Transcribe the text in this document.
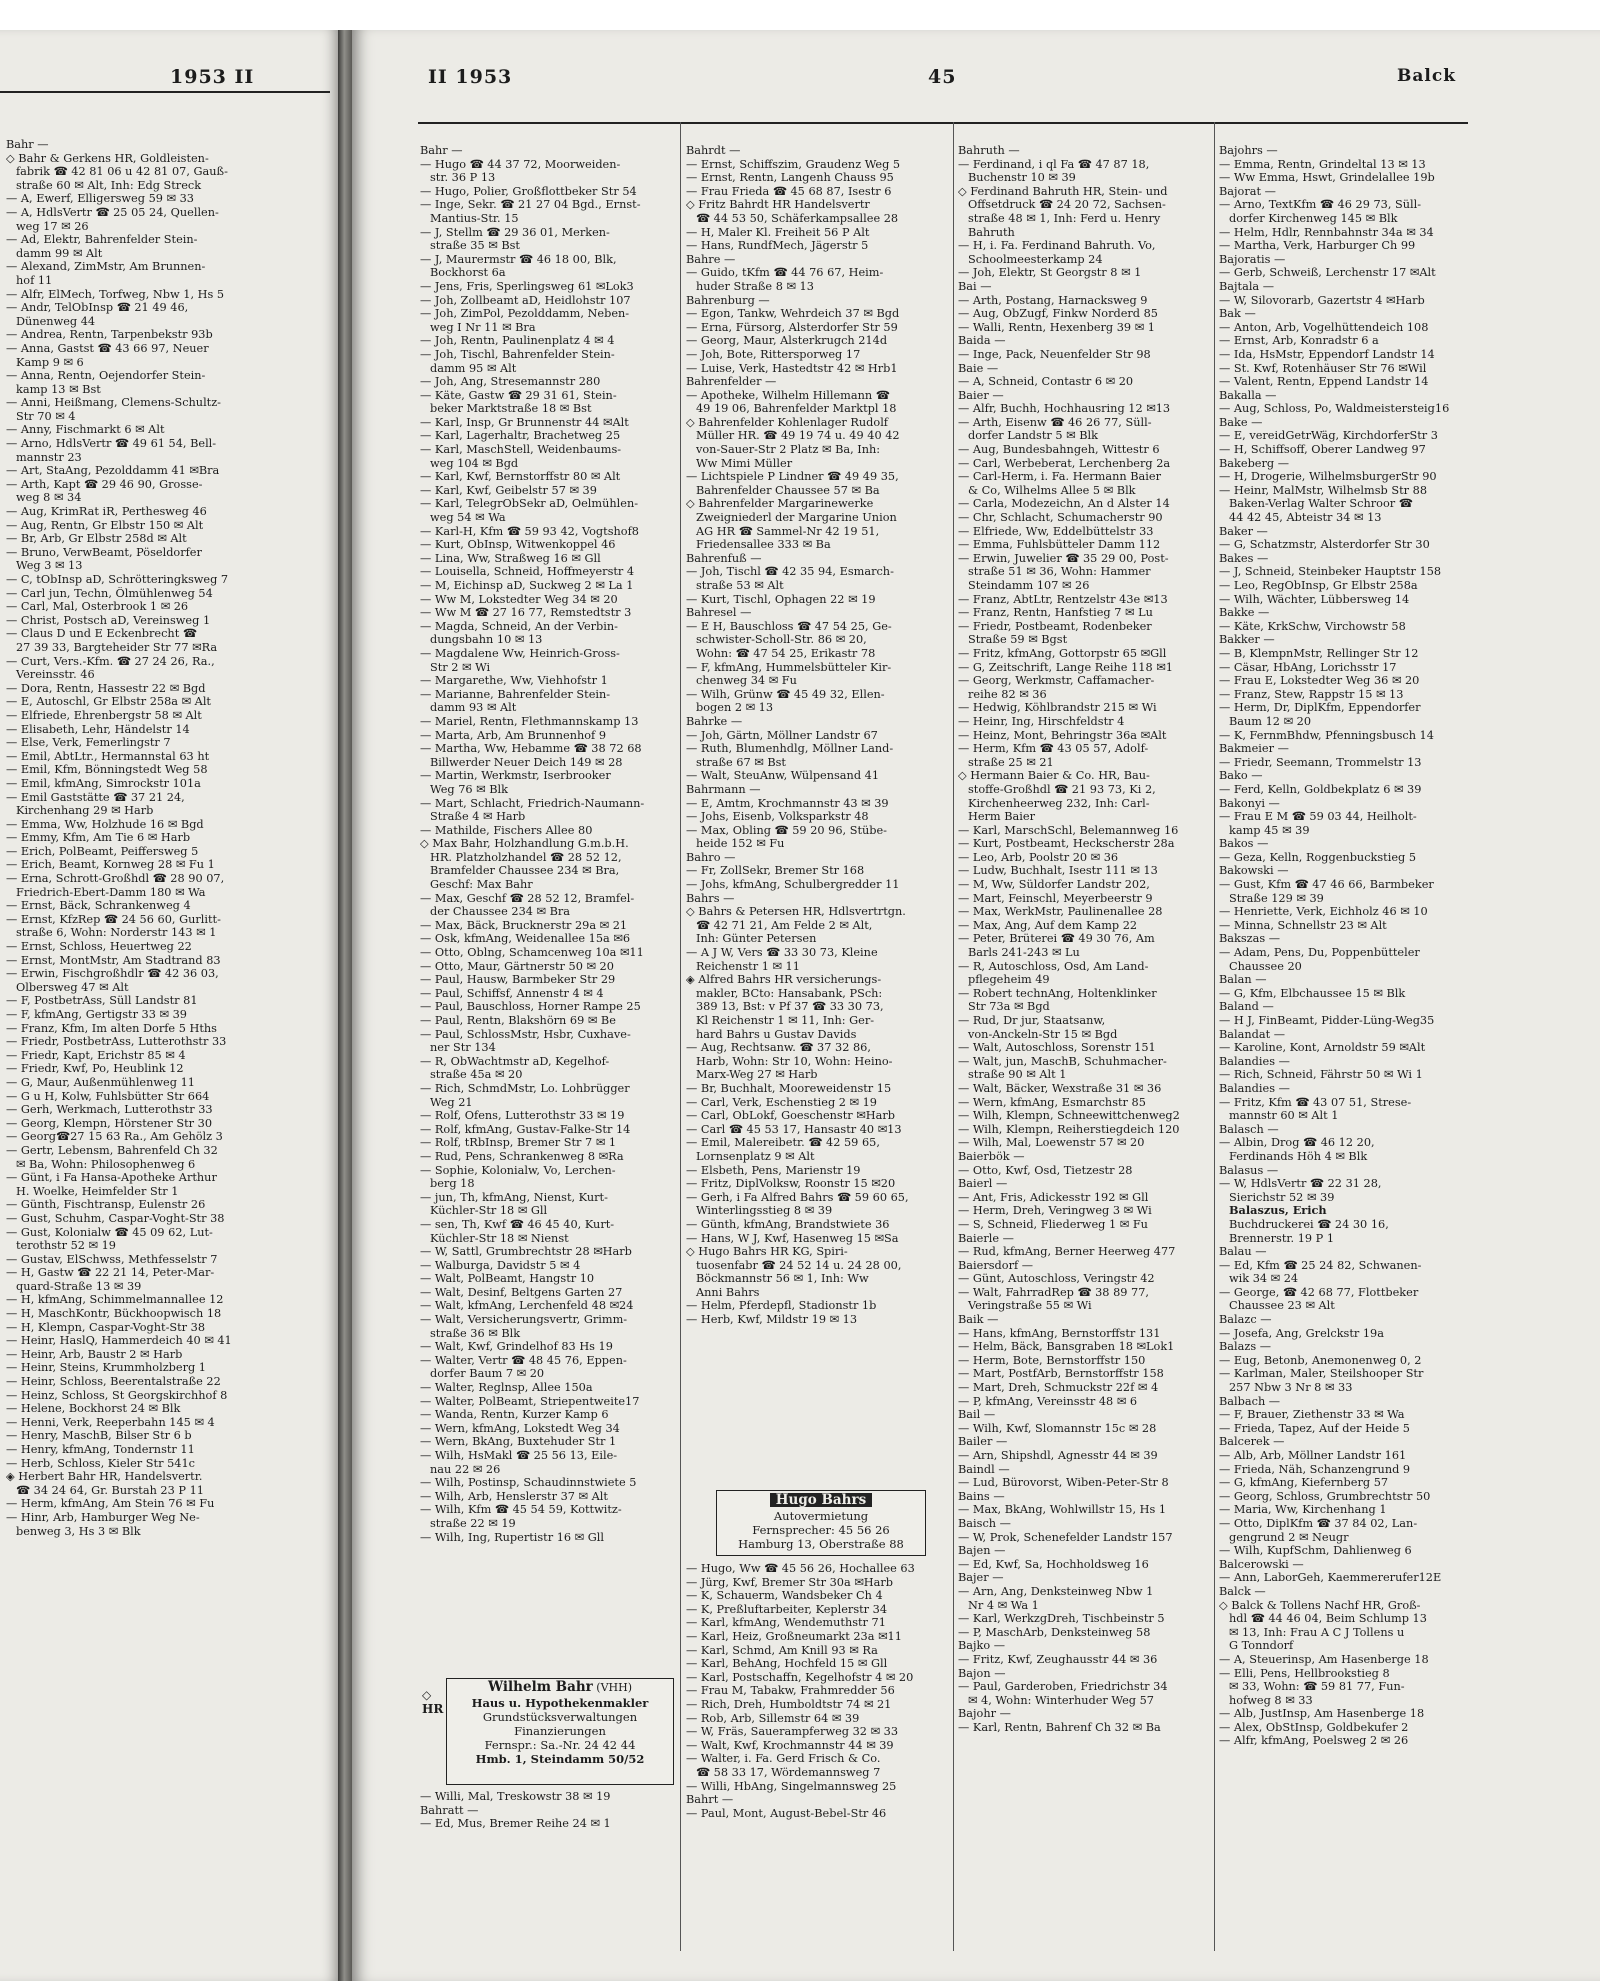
1953 II	II 1953	45	Balck
Bahr —
◇ Bahr & Gerkens HR, Goldleisten-
fabrik ☎ 42 81 06 u 42 81 07, Gauß-
straße 60 ✉ Alt, Inh: Edg Streck
— A, Ewerf, Elligersweg 59 ✉ 33
— A, HdlsVertr ☎ 25 05 24, Quellen-
weg 17 ✉ 26
— Ad, Elektr, Bahrenfelder Stein-
damm 99 ✉ Alt
— Alexand, ZimMstr, Am Brunnen-
hof 11
— Alfr, ElMech, Torfweg, Nbw 1, Hs 5
— Andr, TelObInsp ☎ 21 49 46,
Dünenweg 44
— Andrea, Rentn, Tarpenbekstr 93b
— Anna, Gastst ☎ 43 66 97, Neuer
Kamp 9 ✉ 6
— Anna, Rentn, Oejendorfer Stein-
kamp 13 ✉ Bst
— Anni, Heißmang, Clemens-Schultz-
Str 70 ✉ 4
— Anny, Fischmarkt 6 ✉ Alt
— Arno, HdlsVertr ☎ 49 61 54, Bell-
mannstr 23
— Art, StaAng, Pezolddamm 41 ✉Bra
— Arth, Kapt ☎ 29 46 90, Grosse-
weg 8 ✉ 34
— Aug, KrimRat iR, Perthesweg 46
— Aug, Rentn, Gr Elbstr 150 ✉ Alt
— Br, Arb, Gr Elbstr 258d ✉ Alt
— Bruno, VerwBeamt, Pöseldorfer
Weg 3 ✉ 13
— C, tObInsp aD, Schrötteringksweg 7
— Carl jun, Techn, Ölmühlenweg 54
— Carl, Mal, Osterbrook 1 ✉ 26
— Christ, Postsch aD, Vereinsweg 1
— Claus D und E Eckenbrecht ☎
27 39 33, Bargteheider Str 77 ✉Ra
— Curt, Vers.-Kfm. ☎ 27 24 26, Ra.,
Vereinsstr. 46
— Dora, Rentn, Hassestr 22 ✉ Bgd
— E, Autoschl, Gr Elbstr 258a ✉ Alt
— Elfriede, Ehrenbergstr 58 ✉ Alt
— Elisabeth, Lehr, Händelstr 14
— Else, Verk, Femerlingstr 7
— Emil, AbtLtr., Hermannstal 63 ht
— Emil, Kfm, Bönningstedt Weg 58
— Emil, kfmAng, Simrockstr 101a
— Emil Gaststätte ☎ 37 21 24,
Kirchenhang 29 ✉ Harb
— Emma, Ww, Holzhude 16 ✉ Bgd
— Emmy, Kfm, Am Tie 6 ✉ Harb
— Erich, PolBeamt, Peiffersweg 5
— Erich, Beamt, Kornweg 28 ✉ Fu 1
— Erna, Schrott-Großhdl ☎ 28 90 07,
Friedrich-Ebert-Damm 180 ✉ Wa
— Ernst, Bäck, Schrankenweg 4
— Ernst, KfzRep ☎ 24 56 60, Gurlitt-
straße 6, Wohn: Norderstr 143 ✉ 1
— Ernst, Schloss, Heuertweg 22
— Ernst, MontMstr, Am Stadtrand 83
— Erwin, Fischgroßhdlr ☎ 42 36 03,
Olbersweg 47 ✉ Alt
— F, PostbetrAss, Süll Landstr 81
— F, kfmAng, Gertigstr 33 ✉ 39
— Franz, Kfm, Im alten Dorfe 5 Hths
— Friedr, PostbetrAss, Lutterothstr 33
— Friedr, Kapt, Erichstr 85 ✉ 4
— Friedr, Kwf, Po, Heublink 12
— G, Maur, Außenmühlenweg 11
— G u H, Kolw, Fuhlsbütter Str 664
— Gerh, Werkmach, Lutterothstr 33
— Georg, Klempn, Hörstener Str 30
— Georg☎27 15 63 Ra., Am Gehölz 3
— Gertr, Lebensm, Bahrenfeld Ch 32
✉ Ba, Wohn: Philosophenweg 6
— Günt, i Fa Hansa-Apotheke Arthur
H. Woelke, Heimfelder Str 1
— Günth, Fischtransp, Eulenstr 26
— Gust, Schuhm, Caspar-Voght-Str 38
— Gust, Kolonialw ☎ 45 09 62, Lut-
terothstr 52 ✉ 19
— Gustav, ElSchwss, Methfesselstr 7
— H, Gastw ☎ 22 21 14, Peter-Mar-
quard-Straße 13 ✉ 39
— H, kfmAng, Schimmelmannallee 12
— H, MaschKontr, Bückhoopwisch 18
— H, Klempn, Caspar-Voght-Str 38
— Heinr, HaslQ, Hammerdeich 40 ✉ 41
— Heinr, Arb, Baustr 2 ✉ Harb
— Heinr, Steins, Krummholzberg 1
— Heinr, Schloss, Beerentalstraße 22
— Heinz, Schloss, St Georgskirchhof 8
— Helene, Bockhorst 24 ✉ Blk
— Henni, Verk, Reeperbahn 145 ✉ 4
— Henry, MaschB, Bilser Str 6 b
— Henry, kfmAng, Tondernstr 11
— Herb, Schloss, Kieler Str 541c
◈ Herbert Bahr HR, Handelsvertr.
☎ 34 24 64, Gr. Burstah 23 P 11
— Herm, kfmAng, Am Stein 76 ✉ Fu
— Hinr, Arb, Hamburger Weg Ne-
benweg 3, Hs 3 ✉ Blk
Bahr —
— Hugo ☎ 44 37 72, Moorweiden-
str. 36 P 13
— Hugo, Polier, Großflottbeker Str 54
— Inge, Sekr. ☎ 21 27 04 Bgd., Ernst-
Mantius-Str. 15
— J, Stellm ☎ 29 36 01, Merken-
straße 35 ✉ Bst
— J, Maurermstr ☎ 46 18 00, Blk,
Bockhorst 6a
— Jens, Fris, Sperlingsweg 61 ✉Lok3
— Joh, Zollbeamt aD, Heidlohstr 107
— Joh, ZimPol, Pezolddamm, Neben-
weg I Nr 11 ✉ Bra
— Joh, Rentn, Paulinenplatz 4 ✉ 4
— Joh, Tischl, Bahrenfelder Stein-
damm 95 ✉ Alt
— Joh, Ang, Stresemannstr 280
— Käte, Gastw ☎ 29 31 61, Stein-
beker Marktstraße 18 ✉ Bst
— Karl, Insp, Gr Brunnenstr 44 ✉Alt
— Karl, Lagerhaltr, Brachetweg 25
— Karl, MaschStell, Weidenbaums-
weg 104 ✉ Bgd
— Karl, Kwf, Bernstorffstr 80 ✉ Alt
— Karl, Kwf, Geibelstr 57 ✉ 39
— Karl, TelegrObSekr aD, Oelmühlen-
weg 54 ✉ Wa
— Karl-H, Kfm ☎ 59 93 42, Vogtshof8
— Kurt, ObInsp, Witwenkoppel 46
— Lina, Ww, Straßweg 16 ✉ Gll
— Louisella, Schneid, Hoffmeyerstr 4
— M, Eichinsp aD, Suckweg 2 ✉ La 1
— Ww M, Lokstedter Weg 34 ✉ 20
— Ww M ☎ 27 16 77, Remstedtstr 3
— Magda, Schneid, An der Verbin-
dungsbahn 10 ✉ 13
— Magdalene Ww, Heinrich-Gross-
Str 2 ✉ Wi
— Margarethe, Ww, Viehhofstr 1
— Marianne, Bahrenfelder Stein-
damm 93 ✉ Alt
— Mariel, Rentn, Flethmannskamp 13
— Marta, Arb, Am Brunnenhof 9
— Martha, Ww, Hebamme ☎ 38 72 68
Billwerder Neuer Deich 149 ✉ 28
— Martin, Werkmstr, Iserbrooker
Weg 76 ✉ Blk
— Mart, Schlacht, Friedrich-Naumann-
Straße 4 ✉ Harb
— Mathilde, Fischers Allee 80
◇ Max Bahr, Holzhandlung G.m.b.H.
HR. Platzholzhandel ☎ 28 52 12,
Bramfelder Chaussee 234 ✉ Bra,
Geschf: Max Bahr
— Max, Geschf ☎ 28 52 12, Bramfel-
der Chaussee 234 ✉ Bra
— Max, Bäck, Brucknerstr 29a ✉ 21
— Osk, kfmAng, Weidenallee 15a ✉6
— Otto, Oblng, Schamcenweg 10a ✉11
— Otto, Maur, Gärtnerstr 50 ✉ 20
— Paul, Hausw, Barmbeker Str 29
— Paul, Schiffsf, Annenstr 4 ✉ 4
— Paul, Bauschloss, Horner Rampe 25
— Paul, Rentn, Blakshörn 69 ✉ Be
— Paul, SchlossMstr, Hsbr, Cuxhave-
ner Str 134
— R, ObWachtmstr aD, Kegelhof-
straße 45a ✉ 20
— Rich, SchmdMstr, Lo. Lohbrügger
Weg 21
— Rolf, Ofens, Lutterothstr 33 ✉ 19
— Rolf, kfmAng, Gustav-Falke-Str 14
— Rolf, tRbInsp, Bremer Str 7 ✉ 1
— Rud, Pens, Schrankenweg 8 ✉Ra
— Sophie, Kolonialw, Vo, Lerchen-
berg 18
— jun, Th, kfmAng, Nienst, Kurt-
Küchler-Str 18 ✉ Gll
— sen, Th, Kwf ☎ 46 45 40, Kurt-
Küchler-Str 18 ✉ Nienst
— W, Sattl, Grumbrechtstr 28 ✉Harb
— Walburga, Davidstr 5 ✉ 4
— Walt, PolBeamt, Hangstr 10
— Walt, Desinf, Beltgens Garten 27
— Walt, kfmAng, Lerchenfeld 48 ✉24
— Walt, Versicherungsvertr, Grimm-
straße 36 ✉ Blk
— Walt, Kwf, Grindelhof 83 Hs 19
— Walter, Vertr ☎ 48 45 76, Eppen-
dorfer Baum 7 ✉ 20
— Walter, Reglnsp, Allee 150a
— Walter, PolBeamt, Striepentweite17
— Wanda, Rentn, Kurzer Kamp 6
— Wern, kfmAng, Lokstedt Weg 34
— Wern, BkAng, Buxtehuder Str 1
— Wilh, HsMakl ☎ 25 56 13, Eile-
nau 22 ✉ 26
— Wilh, Postinsp, Schaudinnstwiete 5
— Wilh, Arb, Henslerstr 37 ✉ Alt
— Wilh, Kfm ☎ 45 54 59, Kottwitz-
straße 22 ✉ 19
— Wilh, Ing, Rupertistr 16 ✉ Gll
Bahrdt —
— Ernst, Schiffszim, Graudenz Weg 5
— Ernst, Rentn, Langenh Chauss 95
— Frau Frieda ☎ 45 68 87, Isestr 6
◇ Fritz Bahrdt HR Handelsvertr
☎ 44 53 50, Schäferkampsallee 28
— H, Maler Kl. Freiheit 56 P Alt
— Hans, RundfMech, Jägerstr 5
Bahre —
— Guido, tKfm ☎ 44 76 67, Heim-
huder Straße 8 ✉ 13
Bahrenburg —
— Egon, Tankw, Wehrdeich 37 ✉ Bgd
— Erna, Fürsorg, Alsterdorfer Str 59
— Georg, Maur, Alsterkrugch 214d
— Joh, Bote, Rittersporweg 17
— Luise, Verk, Hastedtstr 42 ✉ Hrb1
Bahrenfelder —
— Apotheke, Wilhelm Hillemann ☎
49 19 06, Bahrenfelder Marktpl 18
◇ Bahrenfelder Kohlenlager Rudolf
Müller HR. ☎ 49 19 74 u. 49 40 42
von-Sauer-Str 2 Platz ✉ Ba, Inh:
Ww Mimi Müller
— Lichtspiele P Lindner ☎ 49 49 35,
Bahrenfelder Chaussee 57 ✉ Ba
◇ Bahrenfelder Margarinewerke
Zweigniederl der Margarine Union
AG HR ☎ Sammel-Nr 42 19 51,
Friedensallee 333 ✉ Ba
Bahrenfuß —
— Joh, Tischl ☎ 42 35 94, Esmarch-
straße 53 ✉ Alt
— Kurt, Tischl, Ophagen 22 ✉ 19
Bahresel —
— E H, Bauschloss ☎ 47 54 25, Ge-
schwister-Scholl-Str. 86 ✉ 20,
Wohn: ☎ 47 54 25, Erikastr 78
— F, kfmAng, Hummelsbütteler Kir-
chenweg 34 ✉ Fu
— Wilh, Grünw ☎ 45 49 32, Ellen-
bogen 2 ✉ 13
Bahrke —
— Joh, Gärtn, Möllner Landstr 67
— Ruth, Blumenhdlg, Möllner Land-
straße 67 ✉ Bst
— Walt, SteuAnw, Wülpensand 41
Bahrmann —
— E, Amtm, Krochmannstr 43 ✉ 39
— Johs, Eisenb, Volksparkstr 48
— Max, Obling ☎ 59 20 96, Stübe-
heide 152 ✉ Fu
Bahro —
— Fr, ZollSekr, Bremer Str 168
— Johs, kfmAng, Schulbergredder 11
Bahrs —
◇ Bahrs & Petersen HR, Hdlsvertrtgn.
☎ 42 71 21, Am Felde 2 ✉ Alt,
Inh: Günter Petersen
— A J W, Vers ☎ 33 30 73, Kleine
Reichenstr 1 ✉ 11
◈ Alfred Bahrs HR versicherungs-
makler, BCto: Hansabank, PSch:
389 13, Bst: v Pf 37 ☎ 33 30 73,
Kl Reichenstr 1 ✉ 11, Inh: Ger-
hard Bahrs u Gustav Davids
— Aug, Rechtsanw. ☎ 37 32 86,
Harb, Wohn: Str 10, Wohn: Heino-
Marx-Weg 27 ✉ Harb
— Br, Buchhalt, Mooreweidenstr 15
— Carl, Verk, Eschenstieg 2 ✉ 19
— Carl, ObLokf, Goeschenstr ✉Harb
— Carl ☎ 45 53 17, Hansastr 40 ✉13
— Emil, Malereibetr. ☎ 42 59 65,
Lornsenplatz 9 ✉ Alt
— Elsbeth, Pens, Marienstr 19
— Fritz, DiplVolksw, Roonstr 15 ✉20
— Gerh, i Fa Alfred Bahrs ☎ 59 60 65,
Winterlingsstieg 8 ✉ 39
— Günth, kfmAng, Brandstwiete 36
— Hans, W J, Kwf, Hasenweg 15 ✉Sa
◇ Hugo Bahrs HR KG, Spiri-
tuosenfabr ☎ 24 52 14 u. 24 28 00,
Böckmannstr 56 ✉ 1, Inh: Ww
Anni Bahrs
— Helm, Pferdepfl, Stadionstr 1b
— Herb, Kwf, Mildstr 19 ✉ 13
Bahruth —
— Ferdinand, i ql Fa ☎ 47 87 18,
Buchenstr 10 ✉ 39
◇ Ferdinand Bahruth HR, Stein- und
Offsetdruck ☎ 24 20 72, Sachsen-
straße 48 ✉ 1, Inh: Ferd u. Henry
Bahruth
— H, i. Fa. Ferdinand Bahruth. Vo,
Schoolmeesterkamp 24
— Joh, Elektr, St Georgstr 8 ✉ 1
Bai —
— Arth, Postang, Harnacksweg 9
— Aug, ObZugf, Finkw Norderd 85
— Walli, Rentn, Hexenberg 39 ✉ 1
Baida —
— Inge, Pack, Neuenfelder Str 98
Baie —
— A, Schneid, Contastr 6 ✉ 20
Baier —
— Alfr, Buchh, Hochhausring 12 ✉13
— Arth, Eisenw ☎ 46 26 77, Süll-
dorfer Landstr 5 ✉ Blk
— Aug, Bundesbahngeh, Wittestr 6
— Carl, Werbeberat, Lerchenberg 2a
— Carl-Herm, i. Fa. Hermann Baier
& Co, Wilhelms Allee 5 ✉ Blk
— Carla, Modezeichn, An d Alster 14
— Chr, Schlacht, Schumacherstr 90
— Elfriede, Ww, Eddelbüttelstr 33
— Emma, Fuhlsbütteler Damm 112
— Erwin, Juwelier ☎ 35 29 00, Post-
straße 51 ✉ 36, Wohn: Hammer
Steindamm 107 ✉ 26
— Franz, AbtLtr, Rentzelstr 43e ✉13
— Franz, Rentn, Hanfstieg 7 ✉ Lu
— Friedr, Postbeamt, Rodenbeker
Straße 59 ✉ Bgst
— Fritz, kfmAng, Gottorpstr 65 ✉Gll
— G, Zeitschrift, Lange Reihe 118 ✉1
— Georg, Werkmstr, Caffamacher-
reihe 82 ✉ 36
— Hedwig, Köhlbrandstr 215 ✉ Wi
— Heinr, Ing, Hirschfeldstr 4
— Heinz, Mont, Behringstr 36a ✉Alt
— Herm, Kfm ☎ 43 05 57, Adolf-
straße 25 ✉ 21
◇ Hermann Baier & Co. HR, Bau-
stoffe-Großhdl ☎ 21 93 73, Ki 2,
Kirchenheerweg 232, Inh: Carl-
Herm Baier
— Karl, MarschSchl, Belemannweg 16
— Kurt, Postbeamt, Heckscherstr 28a
— Leo, Arb, Poolstr 20 ✉ 36
— Ludw, Buchhalt, Isestr 111 ✉ 13
— M, Ww, Süldorfer Landstr 202,
— Mart, Feinschl, Meyerbeerstr 9
— Max, WerkMstr, Paulinenallee 28
— Max, Ang, Auf dem Kamp 22
— Peter, Brüterei ☎ 49 30 76, Am
Barls 241-243 ✉ Lu
— R, Autoschloss, Osd, Am Land-
pflegeheim 49
— Robert technAng, Holtenklinker
Str 73a ✉ Bgd
— Rud, Dr jur, Staatsanw,
von-Anckeln-Str 15 ✉ Bgd
— Walt, Autoschloss, Sorenstr 151
— Walt, jun, MaschB, Schuhmacher-
straße 90 ✉ Alt 1
— Walt, Bäcker, Wexstraße 31 ✉ 36
— Wern, kfmAng, Esmarchstr 85
— Wilh, Klempn, Schneewittchenweg2
— Wilh, Klempn, Reiherstiegdeich 120
— Wilh, Mal, Loewenstr 57 ✉ 20
Baierbök —
— Otto, Kwf, Osd, Tietzestr 28
Baierl —
— Ant, Fris, Adickesstr 192 ✉ Gll
— Herm, Dreh, Veringweg 3 ✉ Wi
— S, Schneid, Fliederweg 1 ✉ Fu
Baierle —
— Rud, kfmAng, Berner Heerweg 477
Baiersdorf —
— Günt, Autoschloss, Veringstr 42
— Walt, FahrradRep ☎ 38 89 77,
Veringstraße 55 ✉ Wi
Baik —
— Hans, kfmAng, Bernstorffstr 131
— Helm, Bäck, Bansgraben 18 ✉Lok1
— Herm, Bote, Bernstorffstr 150
— Mart, PostfArb, Bernstorffstr 158
— Mart, Dreh, Schmuckstr 22f ✉ 4
— P, kfmAng, Vereinsstr 48 ✉ 6
Bail —
— Wilh, Kwf, Slomannstr 15c ✉ 28
Bailer —
— Arn, Shipshdl, Agnesstr 44 ✉ 39
Baindl —
— Lud, Bürovorst, Wiben-Peter-Str 8
Bains —
— Max, BkAng, Wohlwillstr 15, Hs 1
Baisch —
— W, Prok, Schenefelder Landstr 157
Bajen —
— Ed, Kwf, Sa, Hochholdsweg 16
Bajer —
— Arn, Ang, Denksteinweg Nbw 1
Nr 4 ✉ Wa 1
— Karl, WerkzgDreh, Tischbeinstr 5
— P, MaschArb, Denksteinweg 58
Bajko —
— Fritz, Kwf, Zeughausstr 44 ✉ 36
Bajon —
— Paul, Garderoben, Friedrichstr 34
✉ 4, Wohn: Winterhuder Weg 57
Bajohr —
— Karl, Rentn, Bahrenf Ch 32 ✉ Ba
Bajohrs —
— Emma, Rentn, Grindeltal 13 ✉ 13
— Ww Emma, Hswt, Grindelallee 19b
Bajorat —
— Arno, TextKfm ☎ 46 29 73, Süll-
dorfer Kirchenweg 145 ✉ Blk
— Helm, Hdlr, Rennbahnstr 34a ✉ 34
— Martha, Verk, Harburger Ch 99
Bajoratis —
— Gerb, Schweiß, Lerchenstr 17 ✉Alt
Bajtala —
— W, Silovorarb, Gazertstr 4 ✉Harb
Bak —
— Anton, Arb, Vogelhüttendeich 108
— Ernst, Arb, Konradstr 6 a
— Ida, HsMstr, Eppendorf Landstr 14
— St. Kwf, Rotenhäuser Str 76 ✉Wil
— Valent, Rentn, Eppend Landstr 14
Bakalla —
— Aug, Schloss, Po, Waldmeistersteig16
Bake —
— E, vereidGetrWäg, KirchdorferStr 3
— H, Schiffsoff, Oberer Landweg 97
Bakeberg —
— H, Drogerie, WilhelmsburgerStr 90
— Heinr, MalMstr, Wilhelmsb Str 88
Baken-Verlag Walter Schroor ☎
44 42 45, Abteistr 34 ✉ 13
Baker —
— G, Schatzmstr, Alsterdorfer Str 30
Bakes —
— J, Schneid, Steinbeker Hauptstr 158
— Leo, RegObInsp, Gr Elbstr 258a
— Wilh, Wächter, Lübbersweg 14
Bakke —
— Käte, KrkSchw, Virchowstr 58
Bakker —
— B, KlempnMstr, Rellinger Str 12
— Cäsar, HbAng, Lorichsstr 17
— Frau E, Lokstedter Weg 36 ✉ 20
— Franz, Stew, Rappstr 15 ✉ 13
— Herm, Dr, DiplKfm, Eppendorfer
Baum 12 ✉ 20
— K, FernmBhdw, Pfenningsbusch 14
Bakmeier —
— Friedr, Seemann, Trommelstr 13
Bako —
— Ferd, Kelln, Goldbekplatz 6 ✉ 39
Bakonyi —
— Frau E M ☎ 59 03 44, Heilholt-
kamp 45 ✉ 39
Bakos —
— Geza, Kelln, Roggenbuckstieg 5
Bakowski —
— Gust, Kfm ☎ 47 46 66, Barmbeker
Straße 129 ✉ 39
— Henriette, Verk, Eichholz 46 ✉ 10
— Minna, Schnellstr 23 ✉ Alt
Bakszas —
— Adam, Pens, Du, Poppenbütteler
Chaussee 20
Balan —
— G, Kfm, Elbchaussee 15 ✉ Blk
Baland —
— H J, FinBeamt, Pidder-Lüng-Weg35
Balandat —
— Karoline, Kont, Arnoldstr 59 ✉Alt
Balandies —
— Rich, Schneid, Fährstr 50 ✉ Wi 1
Balandies —
— Fritz, Kfm ☎ 43 07 51, Strese-
mannstr 60 ✉ Alt 1
Balasch —
— Albin, Drog ☎ 46 12 20,
Ferdinands Höh 4 ✉ Blk
Balasus —
— W, HdlsVertr ☎ 22 31 28,
Sierichstr 52 ✉ 39
Balaszus, Erich
Buchdruckerei ☎ 24 30 16,
Brennerstr. 19 P 1
Balau —
— Ed, Kfm ☎ 25 24 82, Schwanen-
wik 34 ✉ 24
— George, ☎ 42 68 77, Flottbeker
Chaussee 23 ✉ Alt
Balazc —
— Josefa, Ang, Grelckstr 19a
Balazs —
— Eug, Betonb, Anemonenweg 0, 2
— Karlman, Maler, Steilshooper Str
257 Nbw 3 Nr 8 ✉ 33
Balbach —
— F, Brauer, Ziethenstr 33 ✉ Wa
— Frieda, Tapez, Auf der Heide 5
Balcerek —
— Alb, Arb, Möllner Landstr 161
— Frieda, Näh, Schanzengrund 9
— G, kfmAng, Kiefernberg 57
— Georg, Schloss, Grumbrechtstr 50
— Maria, Ww, Kirchenhang 1
— Otto, DiplKfm ☎ 37 84 02, Lan-
gengrund 2 ✉ Neugr
— Wilh, KupfSchm, Dahlienweg 6
Balcerowski —
— Ann, LaborGeh, Kaemmererufer12E
Balck —
◇ Balck & Tollens Nachf HR, Groß-
hdl ☎ 44 46 04, Beim Schlump 13
✉ 13, Inh: Frau A C J Tollens u
G Tonndorf
— A, Steuerinsp, Am Hasenberge 18
— Elli, Pens, Hellbrookstieg 8
✉ 33, Wohn: ☎ 59 81 77, Fun-
hofweg 8 ✉ 33
— Alb, JustInsp, Am Hasenberge 18
— Alex, ObStInsp, Goldbekufer 2
— Alfr, kfmAng, Poelsweg 2 ✉ 26
Wilhelm Bahr (VHH)
Haus u. Hypothekenmakler
Grundstücksverwaltungen
Finanzierungen
Fernspr.: Sa.-Nr. 24 42 44
Hmb. 1, Steindamm 50/52
◇ HR
— Willi, Mal, Treskowstr 38 ✉ 19
Bahratt —
— Ed, Mus, Bremer Reihe 24 ✉ 1
Hugo Bahrs
Autovermietung
Fernsprecher: 45 56 26
Hamburg 13, Oberstraße 88
— Hugo, Ww ☎ 45 56 26, Hochallee 63
— Jürg, Kwf, Bremer Str 30a ✉Harb
— K, Schauerm, Wandsbeker Ch 4
— K, Preßluftarbeiter, Keplerstr 34
— Karl, kfmAng, Wendemuthstr 71
— Karl, Heiz, Großneumarkt 23a ✉11
— Karl, Schmd, Am Knill 93 ✉ Ra
— Karl, BehAng, Hochfeld 15 ✉ Gll
— Karl, Postschaffn, Kegelhofstr 4 ✉ 20
— Frau M, Tabakw, Frahmredder 56
— Rich, Dreh, Humboldtstr 74 ✉ 21
— Rob, Arb, Sillemstr 64 ✉ 39
— W, Fräs, Sauerampferweg 32 ✉ 33
— Walt, Kwf, Krochmannstr 44 ✉ 39
— Walter, i. Fa. Gerd Frisch & Co.
☎ 58 33 17, Wördemannsweg 7
— Willi, HbAng, Singelmannsweg 25
Bahrt —
— Paul, Mont, August-Bebel-Str 46
